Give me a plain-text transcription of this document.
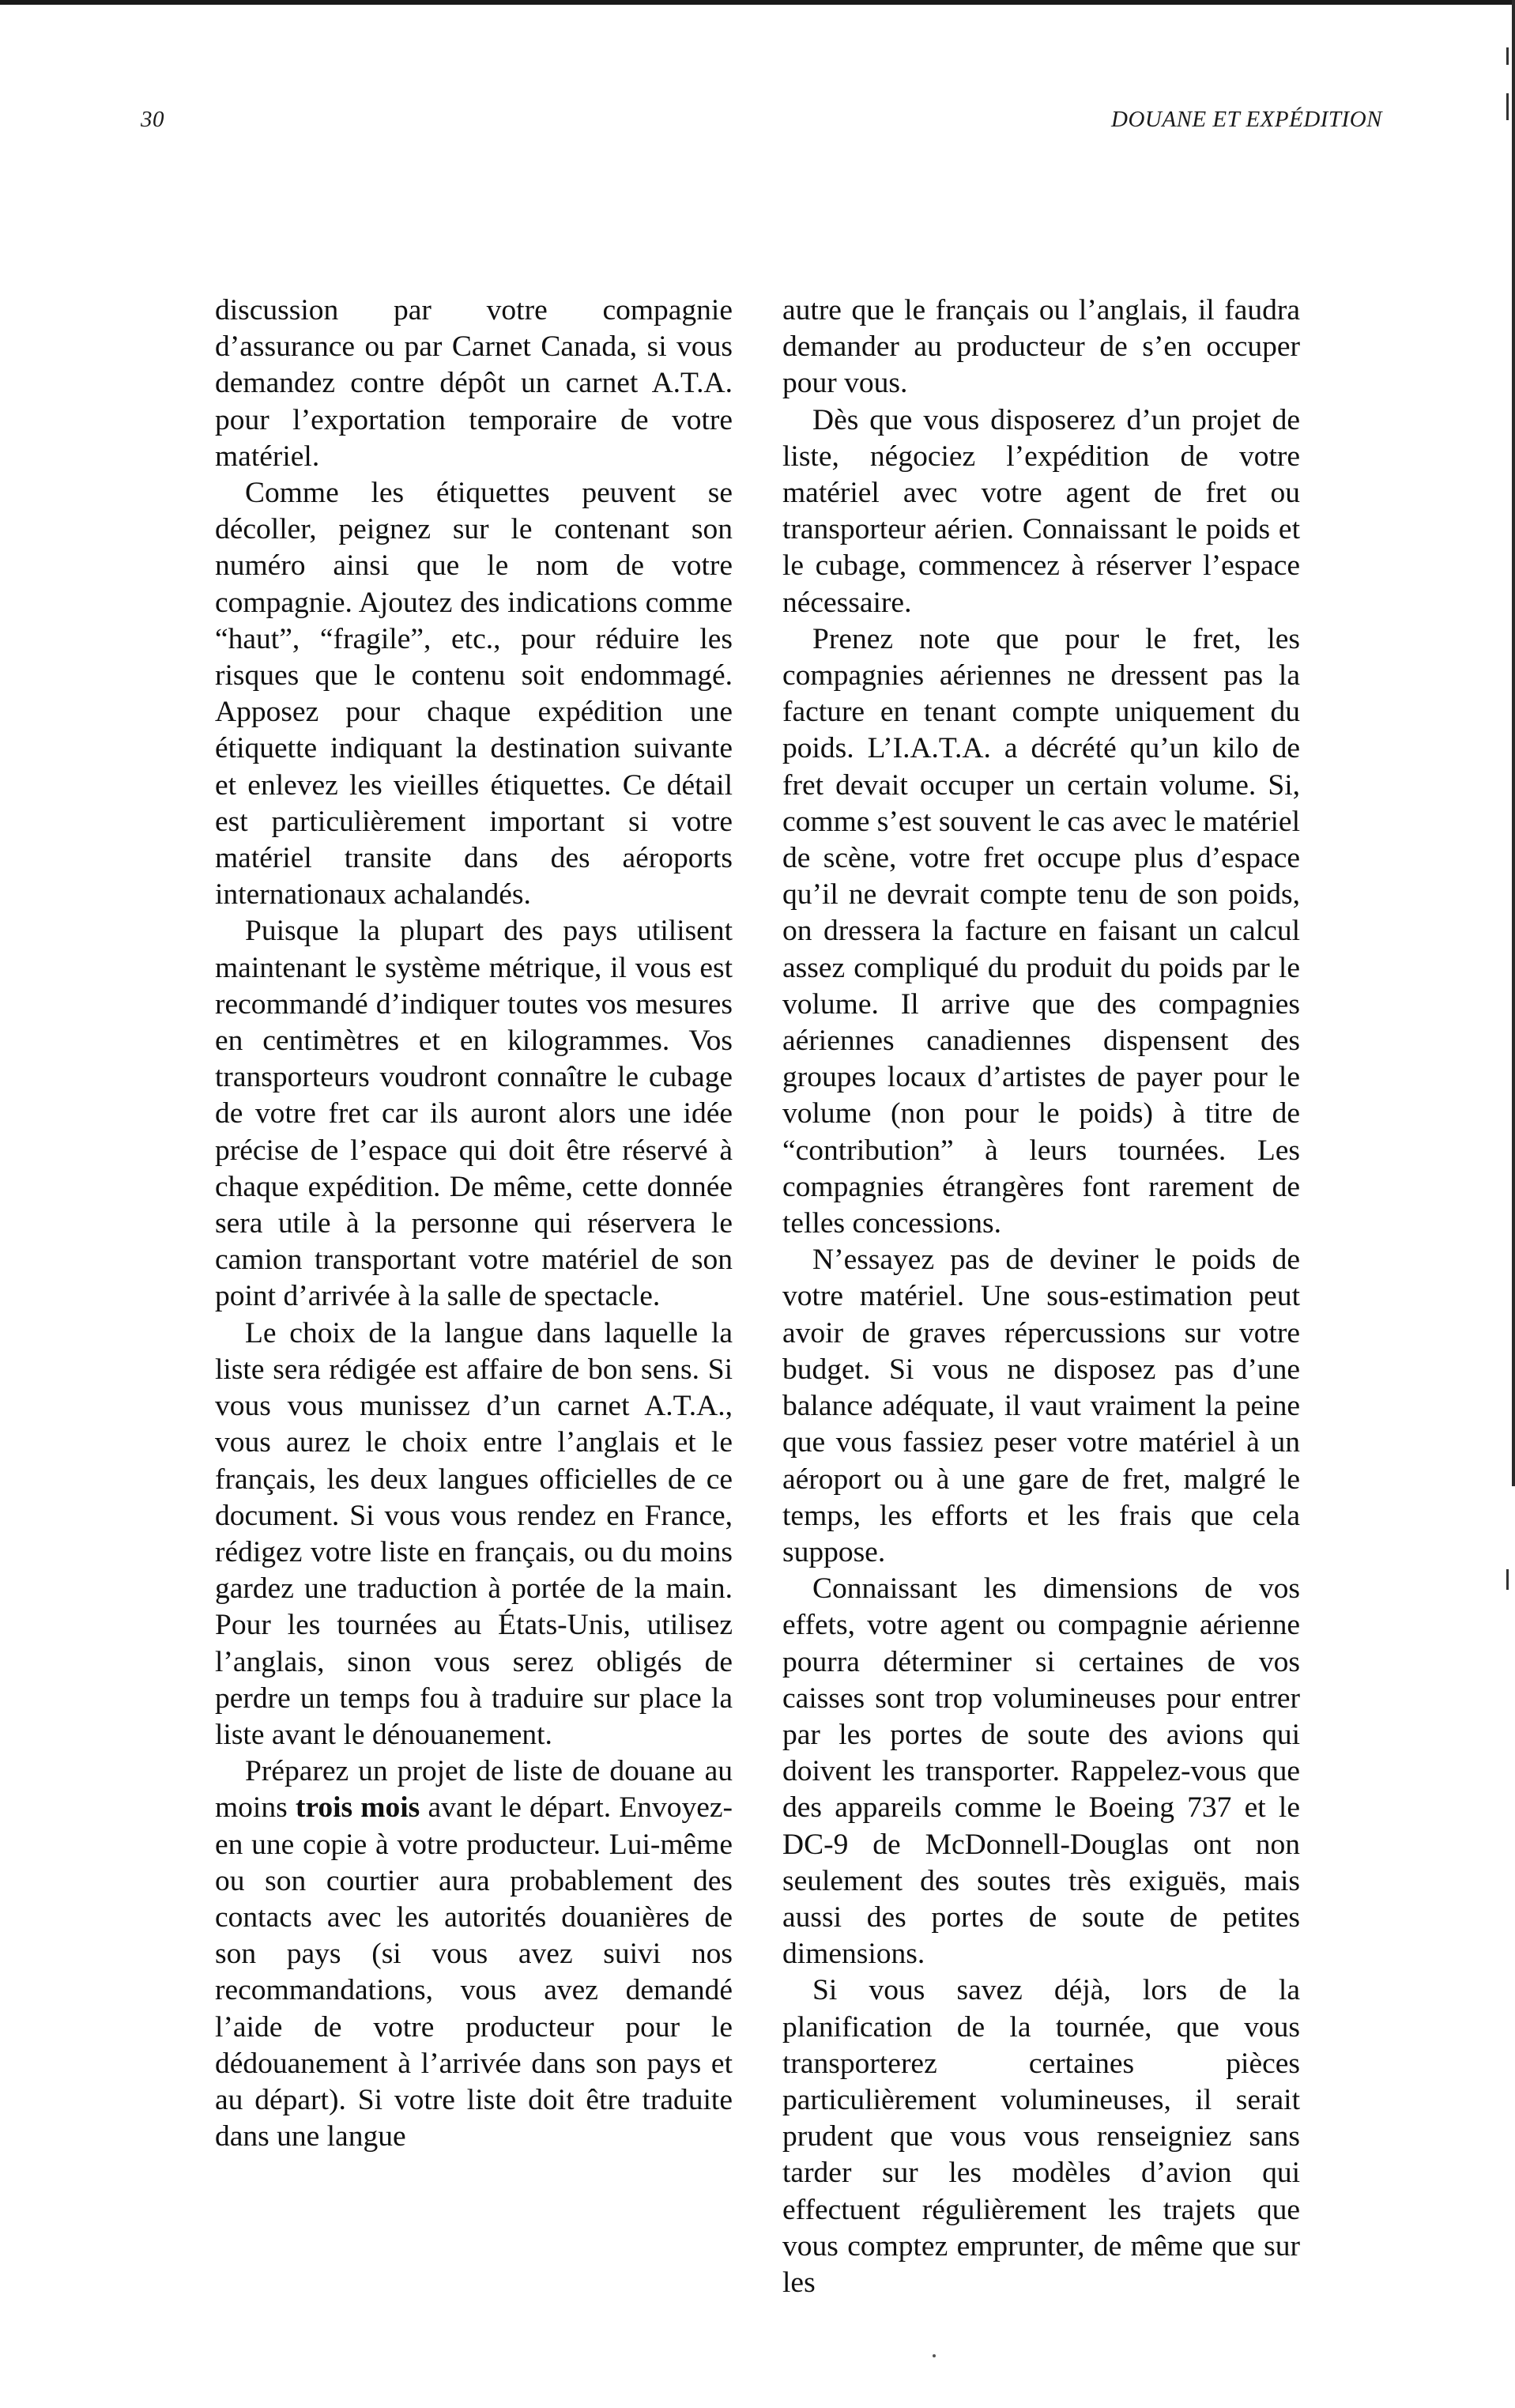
30	DOUANE ET EXPÉDITION

discussion par votre compagnie d’assurance ou par Carnet Canada, si vous demandez contre dépôt un carnet A.T.A. pour l’exportation temporaire de votre matériel.

Comme les étiquettes peuvent se décoller, peignez sur le contenant son numéro ainsi que le nom de votre compagnie. Ajoutez des indications comme “haut”, “fragile”, etc., pour réduire les risques que le contenu soit endommagé. Apposez pour chaque expédition une étiquette indiquant la destination suivante et enlevez les vieilles étiquettes. Ce détail est particulièrement important si votre matériel transite dans des aéroports internationaux achalandés.

Puisque la plupart des pays utilisent maintenant le système métrique, il vous est recommandé d’indiquer toutes vos mesures en centimètres et en kilogrammes. Vos transporteurs voudront connaître le cubage de votre fret car ils auront alors une idée précise de l’espace qui doit être réservé à chaque expédition. De même, cette donnée sera utile à la personne qui réservera le camion transportant votre matériel de son point d’arrivée à la salle de spectacle.

Le choix de la langue dans laquelle la liste sera rédigée est affaire de bon sens. Si vous vous munissez d’un carnet A.T.A., vous aurez le choix entre l’anglais et le français, les deux langues officielles de ce document. Si vous vous rendez en France, rédigez votre liste en français, ou du moins gardez une traduction à portée de la main. Pour les tournées au États-Unis, utilisez l’anglais, sinon vous serez obligés de perdre un temps fou à traduire sur place la liste avant le dénouanement.

Préparez un projet de liste de douane au moins trois mois avant le départ. Envoyez-en une copie à votre producteur. Lui-même ou son courtier aura probablement des contacts avec les autorités douanières de son pays (si vous avez suivi nos recommandations, vous avez demandé l’aide de votre producteur pour le dédouanement à l’arrivée dans son pays et au départ). Si votre liste doit être traduite dans une langue

autre que le français ou l’anglais, il faudra demander au producteur de s’en occuper pour vous.

Dès que vous disposerez d’un projet de liste, négociez l’expédition de votre matériel avec votre agent de fret ou transporteur aérien. Connaissant le poids et le cubage, commencez à réserver l’espace nécessaire.

Prenez note que pour le fret, les compagnies aériennes ne dressent pas la facture en tenant compte uniquement du poids. L’I.A.T.A. a décrété qu’un kilo de fret devait occuper un certain volume. Si, comme s’est souvent le cas avec le matériel de scène, votre fret occupe plus d’espace qu’il ne devrait compte tenu de son poids, on dressera la facture en faisant un calcul assez compliqué du produit du poids par le volume. Il arrive que des compagnies aériennes canadiennes dispensent des groupes locaux d’artistes de payer pour le volume (non pour le poids) à titre de “contribution” à leurs tournées. Les compagnies étrangères font rarement de telles concessions.

N’essayez pas de deviner le poids de votre matériel. Une sous-estimation peut avoir de graves répercussions sur votre budget. Si vous ne disposez pas d’une balance adéquate, il vaut vraiment la peine que vous fassiez peser votre matériel à un aéroport ou à une gare de fret, malgré le temps, les efforts et les frais que cela suppose.

Connaissant les dimensions de vos effets, votre agent ou compagnie aérienne pourra déterminer si certaines de vos caisses sont trop volumineuses pour entrer par les portes de soute des avions qui doivent les transporter. Rappelez-vous que des appareils comme le Boeing 737 et le DC-9 de McDonnell-Douglas ont non seulement des soutes très exiguës, mais aussi des portes de soute de petites dimensions.

Si vous savez déjà, lors de la planification de la tournée, que vous transporterez certaines pièces particulièrement volumineuses, il serait prudent que vous vous renseigniez sans tarder sur les modèles d’avion qui effectuent régulièrement les trajets que vous comptez emprunter, de même que sur les
